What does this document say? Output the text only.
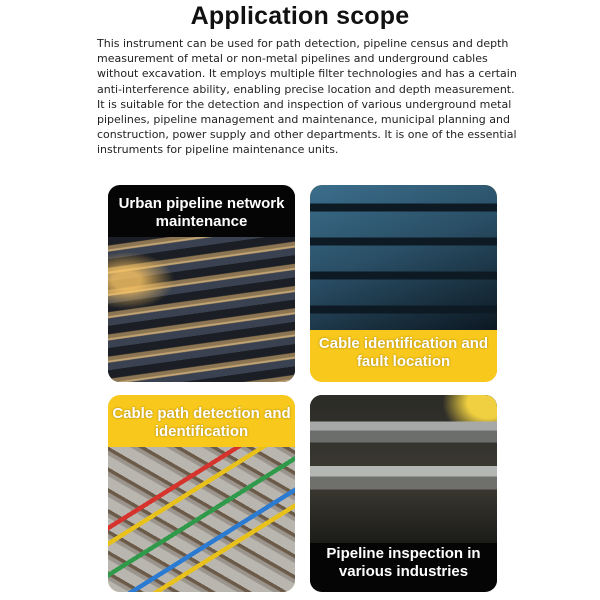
Application scope
This instrument can be used for path detection, pipeline census and depth measurement of metal or non-metal pipelines and underground cables without excavation. It employs multiple filter technologies and has a certain anti-interference ability, enabling precise location and depth measurement. It is suitable for the detection and inspection of various underground metal pipelines, pipeline management and maintenance, municipal planning and construction, power supply and other departments. It is one of the essential instruments for pipeline maintenance units.
Urban pipeline network maintenance
Cable identification and fault location
Cable path detection and identification
Pipeline inspection in various industries
